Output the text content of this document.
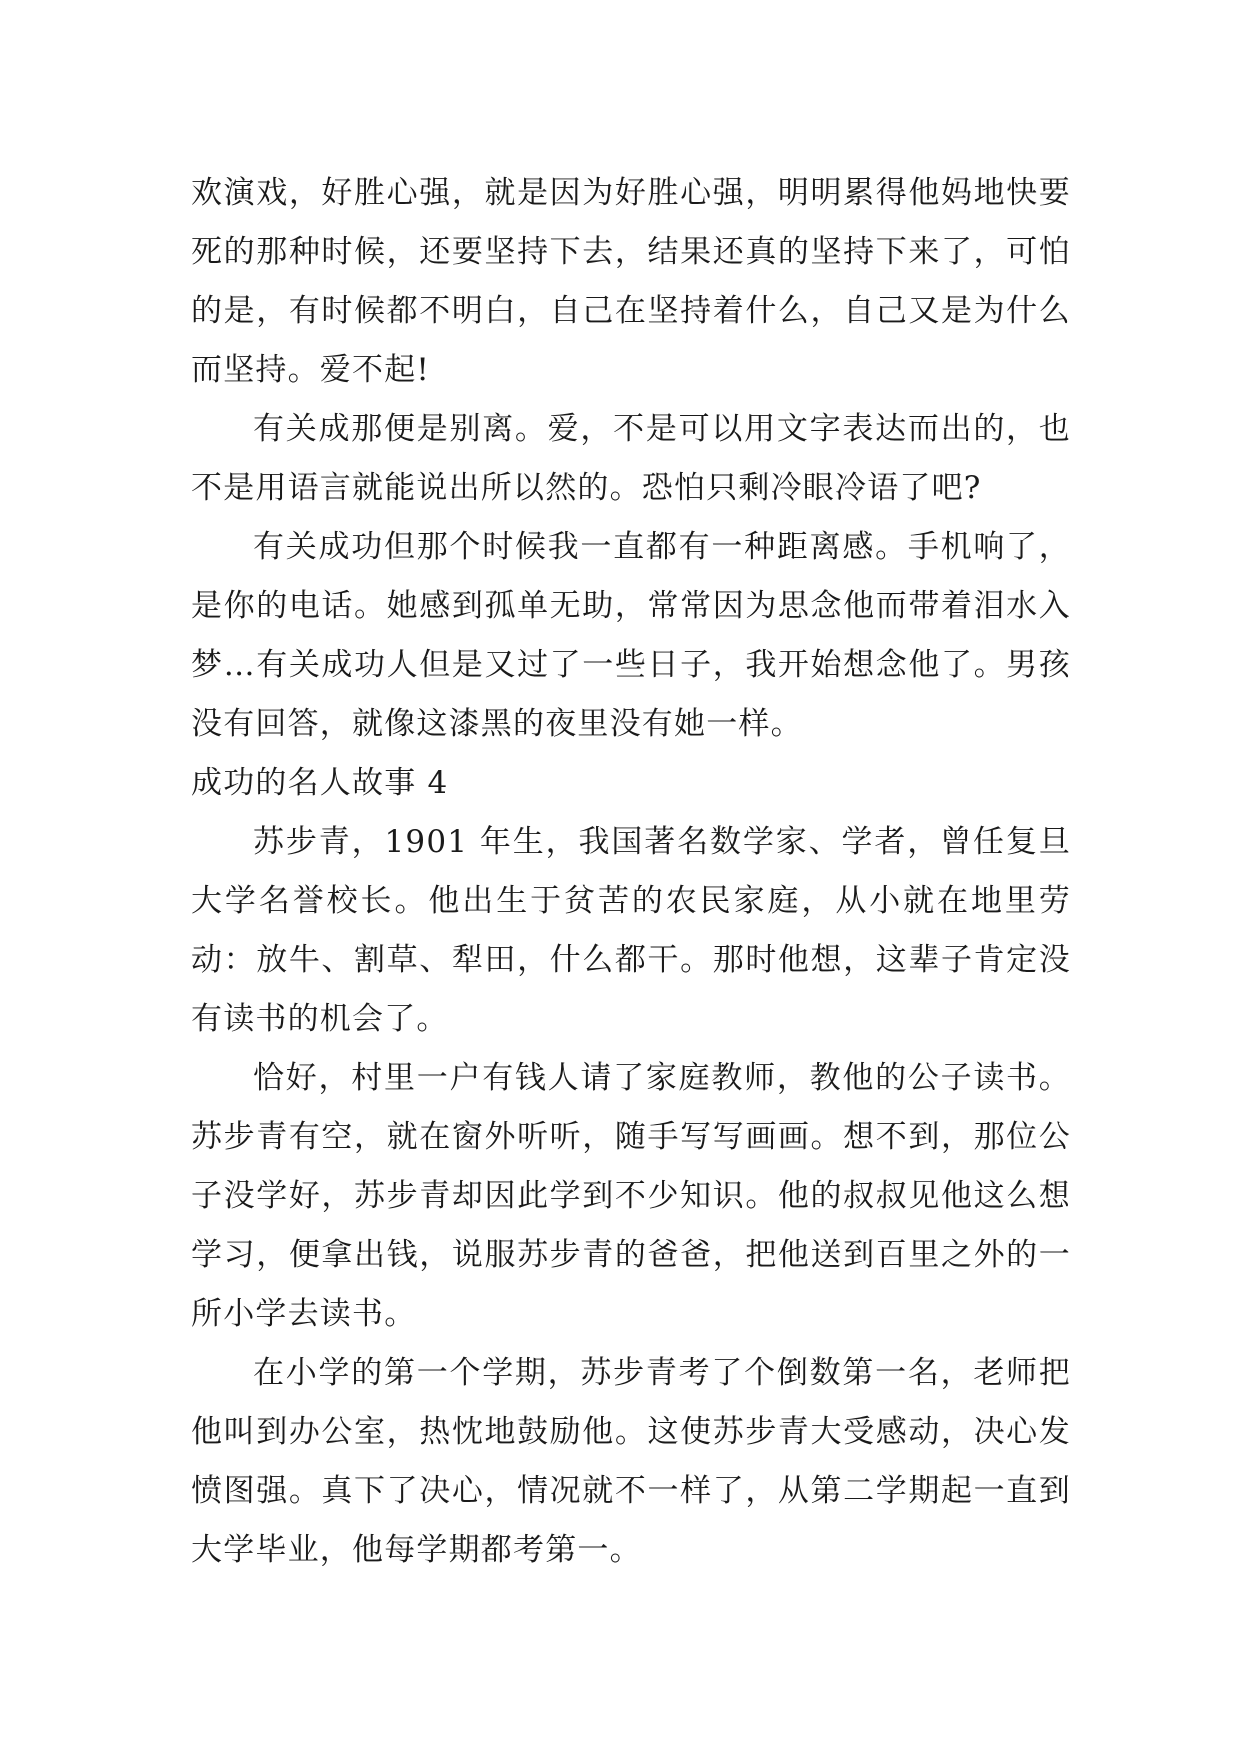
欢演戏，好胜心强，就是因为好胜心强，明明累得他妈地快要死的那种时候，还要坚持下去，结果还真的坚持下来了，可怕的是，有时候都不明白，自己在坚持着什么，自己又是为什么而坚持。爱不起!

有关成那便是别离。爱，不是可以用文字表达而出的，也不是用语言就能说出所以然的。恐怕只剩冷眼冷语了吧?

有关成功但那个时候我一直都有一种距离感。手机响了，是你的电话。她感到孤单无助，常常因为思念他而带着泪水入梦…有关成功人但是又过了一些日子，我开始想念他了。男孩没有回答，就像这漆黑的夜里没有她一样。

成功的名人故事 4

苏步青，1901 年生，我国著名数学家、学者，曾任复旦大学名誉校长。他出生于贫苦的农民家庭，从小就在地里劳动：放牛、割草、犁田，什么都干。那时他想，这辈子肯定没有读书的机会了。

恰好，村里一户有钱人请了家庭教师，教他的公子读书。苏步青有空，就在窗外听听，随手写写画画。想不到，那位公子没学好，苏步青却因此学到不少知识。他的叔叔见他这么想学习，便拿出钱，说服苏步青的爸爸，把他送到百里之外的一所小学去读书。

在小学的第一个学期，苏步青考了个倒数第一名，老师把他叫到办公室，热忱地鼓励他。这使苏步青大受感动，决心发愤图强。真下了决心，情况就不一样了，从第二学期起一直到大学毕业，他每学期都考第一。
